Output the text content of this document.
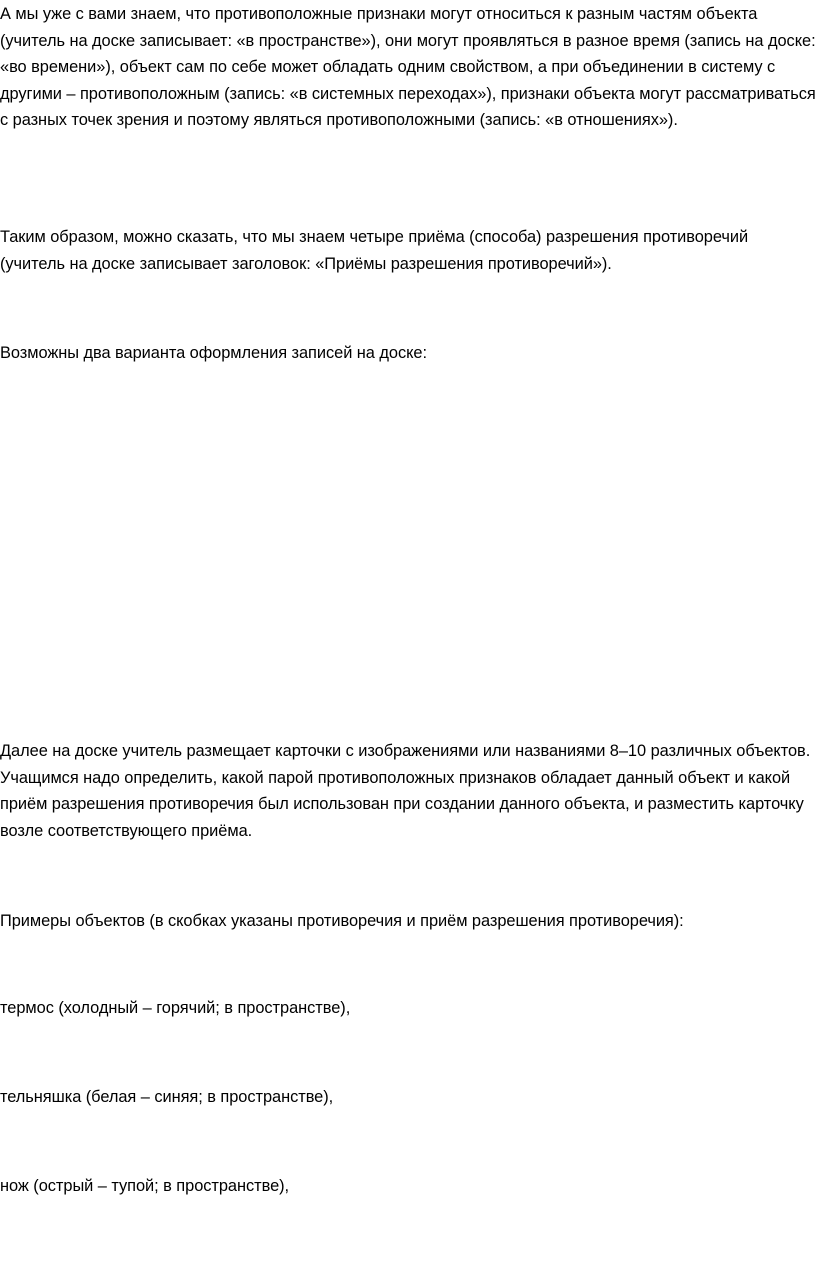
А мы уже с вами знаем, что противоположные признаки могут относиться к разным частям объекта (учитель на доске записывает: «в пространстве»), они могут проявляться в разное время (запись на доске: «во времени»), объект сам по себе может обладать одним свойством, а при объединении в систему с другими – противоположным (запись: «в системных переходах»), признаки объекта могут рассматриваться с разных точек зрения и поэтому являться противоположными (запись: «в отношениях»).

Таким образом, можно сказать, что мы знаем четыре приёма (способа) разрешения противоречий (учитель на доске записывает заголовок: «Приёмы разрешения противоречий»).

Возможны два варианта оформления записей на доске:

Далее на доске учитель размещает карточки с изображениями или названиями 8–10 различных объектов. Учащимся надо определить, какой парой противоположных признаков обладает данный объект и какой приём разрешения противоречия был использован при создании данного объекта, и разместить карточку возле соответствующего приёма.

Примеры объектов (в скобках указаны противоречия и приём разрешения противоречия):

термос (холодный – горячий; в пространстве),

тельняшка (белая – синяя; в пространстве),

нож (острый – тупой; в пространстве),
